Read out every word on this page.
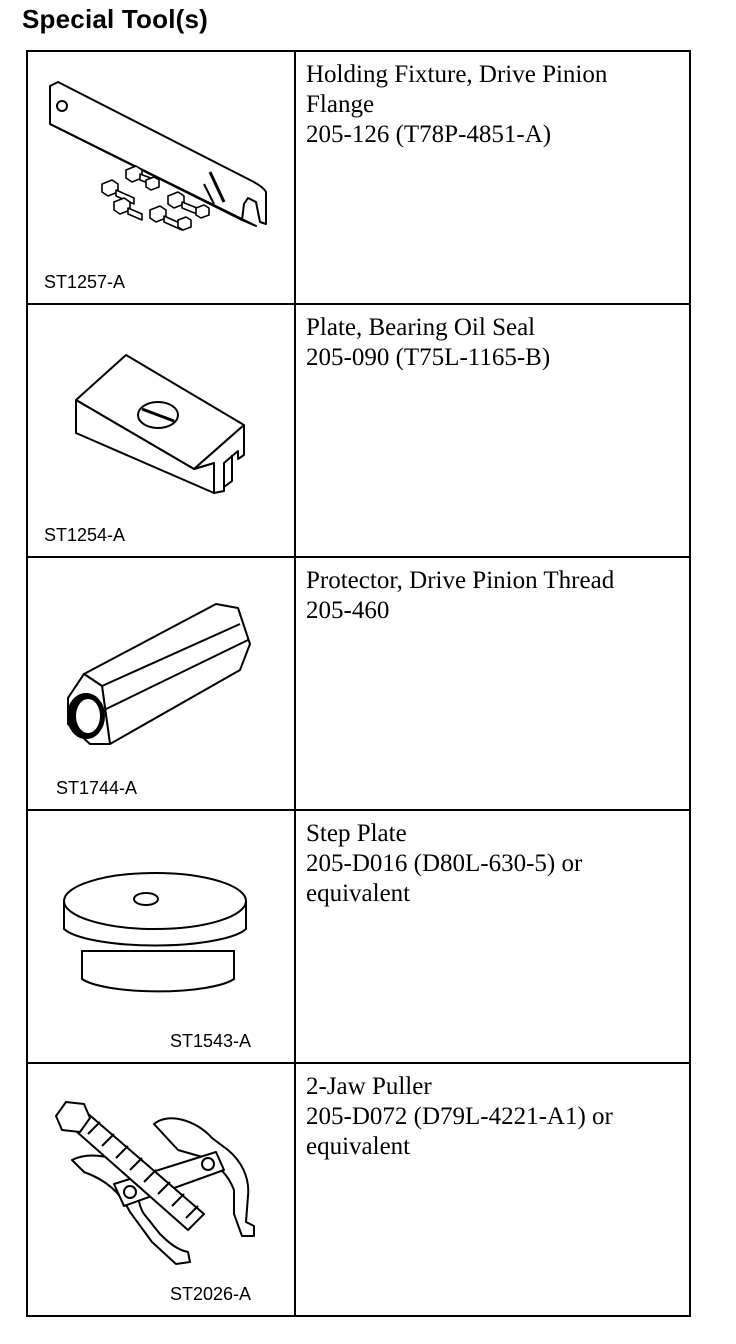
Special Tool(s)
ST1257-A	Holding Fixture, Drive Pinion
Flange
205-126 (T78P-4851-A)

ST1254-A	Plate, Bearing Oil Seal
205-090 (T75L-1165-B)

ST1744-A	Protector, Drive Pinion Thread
205-460

ST1543-A	Step Plate
205-D016 (D80L-630-5) or
equivalent

ST2026-A	2-Jaw Puller
205-D072 (D79L-4221-A1) or
equivalent
